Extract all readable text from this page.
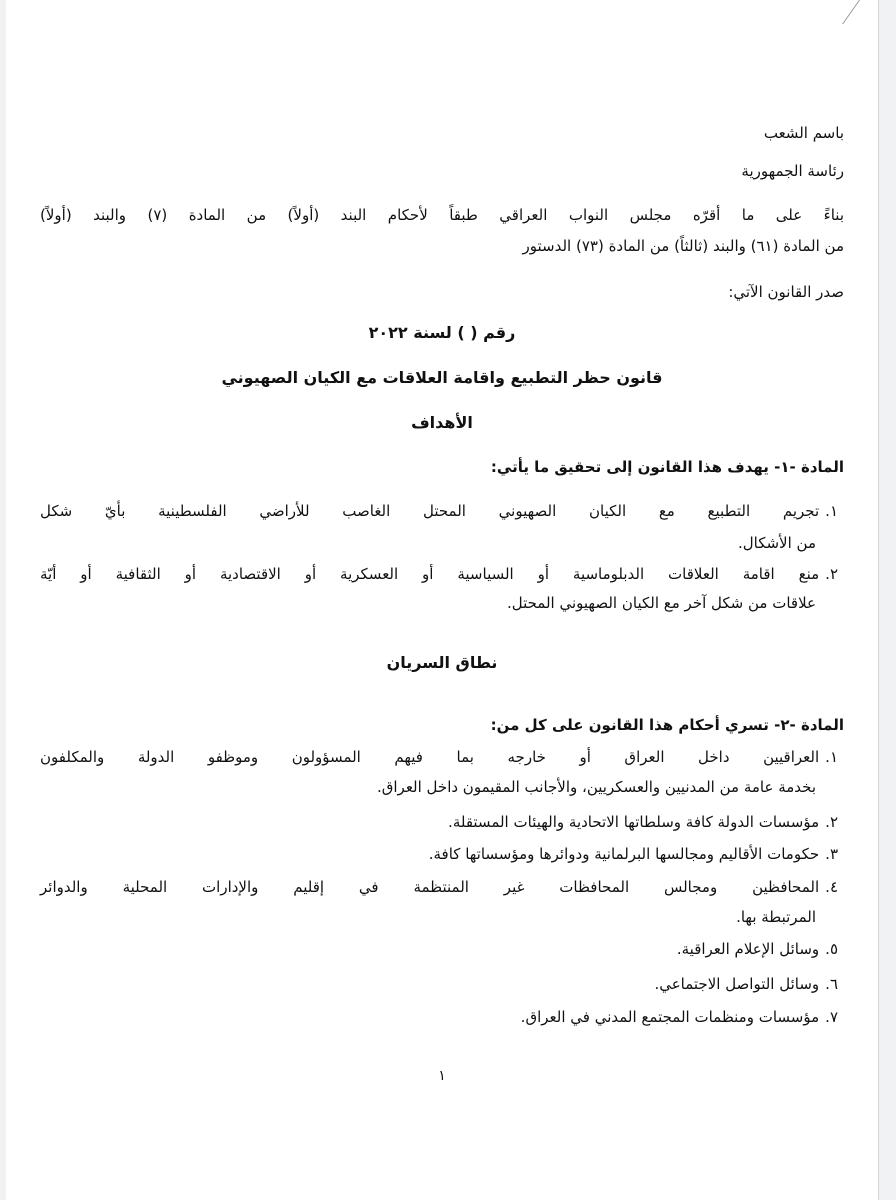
باسم الشعب
رئاسة الجمهورية
بناءً على ما أقرّه مجلس النواب العراقي طبقاً لأحكام البند (أولاً) من المادة (٧) والبند (أولاً)
من المادة (٦١) والبند (ثالثاً) من المادة (٧٣) الدستور
صدر القانون الآتي:
رقم ( ) لسنة ٢٠٢٢
قانون حظر التطبيع واقامة العلاقات مع الكيان الصهيوني
الأهداف
المادة -١- يهدف هذا القانون إلى تحقيق ما يأتي:
١.تجريم التطبيع مع الكيان الصهيوني المحتل الغاصب للأراضي الفلسطينية بأيّ شكل
من الأشكال.
٢.منع اقامة العلاقات الدبلوماسية أو السياسية أو العسكرية أو الاقتصادية أو الثقافية أو أيّة
علاقات من شكل آخر مع الكيان الصهيوني المحتل.
نطاق السريان
المادة -٢- تسري أحكام هذا القانون على كل من:
١.العراقيين داخل العراق أو خارجه بما فيهم المسؤولون وموظفو الدولة والمكلفون
بخدمة عامة من المدنيين والعسكريين، والأجانب المقيمون داخل العراق.
٢.مؤسسات الدولة كافة وسلطاتها الاتحادية والهيئات المستقلة.
٣.حكومات الأقاليم ومجالسها البرلمانية ودوائرها ومؤسساتها كافة.
٤.المحافظين ومجالس المحافظات غير المنتظمة في إقليم والإدارات المحلية والدوائر
المرتبطة بها.
٥.وسائل الإعلام العراقية.
٦.وسائل التواصل الاجتماعي.
٧.مؤسسات ومنظمات المجتمع المدني في العراق.
١
